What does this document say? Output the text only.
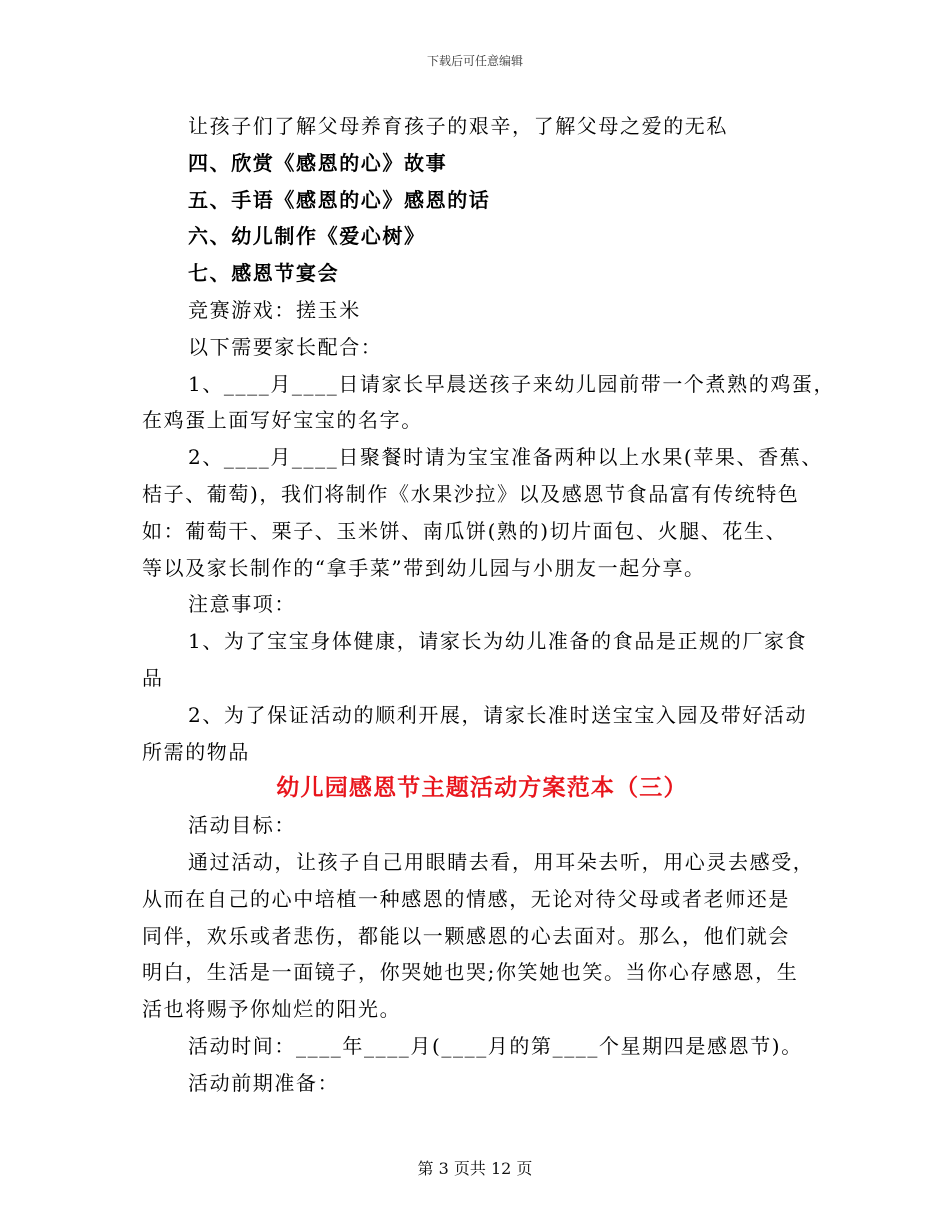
下载后可任意编辑
让孩子们了解父母养育孩子的艰辛，了解父母之爱的无私
四、欣赏《感恩的心》故事
五、手语《感恩的心》感恩的话
六、幼儿制作《爱心树》
七、感恩节宴会
竞赛游戏：搓玉米
以下需要家长配合：
1、____月____日请家长早晨送孩子来幼儿园前带一个煮熟的鸡蛋，
在鸡蛋上面写好宝宝的名字。
2、____月____日聚餐时请为宝宝准备两种以上水果(苹果、香蕉、
桔子、葡萄)，我们将制作《水果沙拉》以及感恩节食品富有传统特色
如：葡萄干、栗子、玉米饼、南瓜饼(熟的)切片面包、火腿、花生、
等以及家长制作的“拿手菜”带到幼儿园与小朋友一起分享。
注意事项：
1、为了宝宝身体健康，请家长为幼儿准备的食品是正规的厂家食
品
2、为了保证活动的顺利开展，请家长准时送宝宝入园及带好活动
所需的物品
幼儿园感恩节主题活动方案范本（三）
活动目标：
通过活动，让孩子自己用眼睛去看，用耳朵去听，用心灵去感受，
从而在自己的心中培植一种感恩的情感，无论对待父母或者老师还是
同伴，欢乐或者悲伤，都能以一颗感恩的心去面对。那么，他们就会
明白，生活是一面镜子，你哭她也哭;你笑她也笑。当你心存感恩，生
活也将赐予你灿烂的阳光。
活动时间：____年____月(____月的第____个星期四是感恩节)。
活动前期准备：
第 3 页共 12 页
